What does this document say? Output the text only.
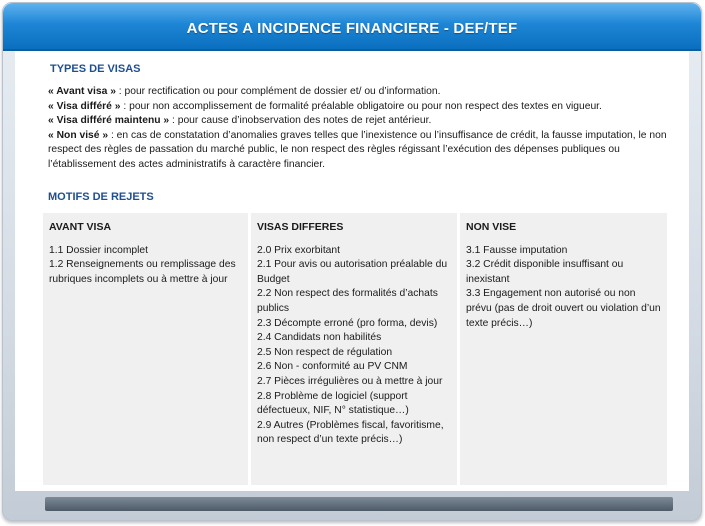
ACTES A INCIDENCE FINANCIERE - DEF/TEF
TYPES DE VISAS
« Avant visa » : pour rectification ou pour complément de dossier et/ ou d’information.
« Visa différé » : pour non accomplissement de formalité préalable obligatoire ou pour non respect des textes en vigueur.
« Visa différé maintenu » : pour cause d’inobservation des notes de rejet antérieur.
« Non visé » : en cas de constatation d’anomalies graves telles que l’inexistence ou l’insuffisance de crédit, la fausse imputation, le non respect des règles de passation du marché public, le non respect des règles régissant l’exécution des dépenses publiques ou l’établissement des actes administratifs à caractère financier.
MOTIFS DE REJETS
AVANT VISA
1.1 Dossier incomplet
1.2 Renseignements ou remplissage des rubriques incomplets ou à mettre à jour
VISAS DIFFERES
2.0 Prix exorbitant
2.1 Pour avis ou autorisation préalable du Budget
2.2 Non respect des formalités d’achats publics
2.3 Décompte erroné (pro forma, devis)
2.4 Candidats non habilités
2.5 Non respect de régulation
2.6 Non - conformité au PV CNM
2.7 Pièces irrégulières ou à mettre à jour
2.8 Problème de logiciel (support défectueux, NIF, N° statistique…)
2.9 Autres (Problèmes fiscal, favoritisme, non respect d’un texte précis…)
NON VISE
3.1 Fausse imputation
3.2 Crédit disponible insuffisant ou inexistant
3.3 Engagement non autorisé ou non prévu (pas de droit ouvert ou violation d’un texte précis…)
